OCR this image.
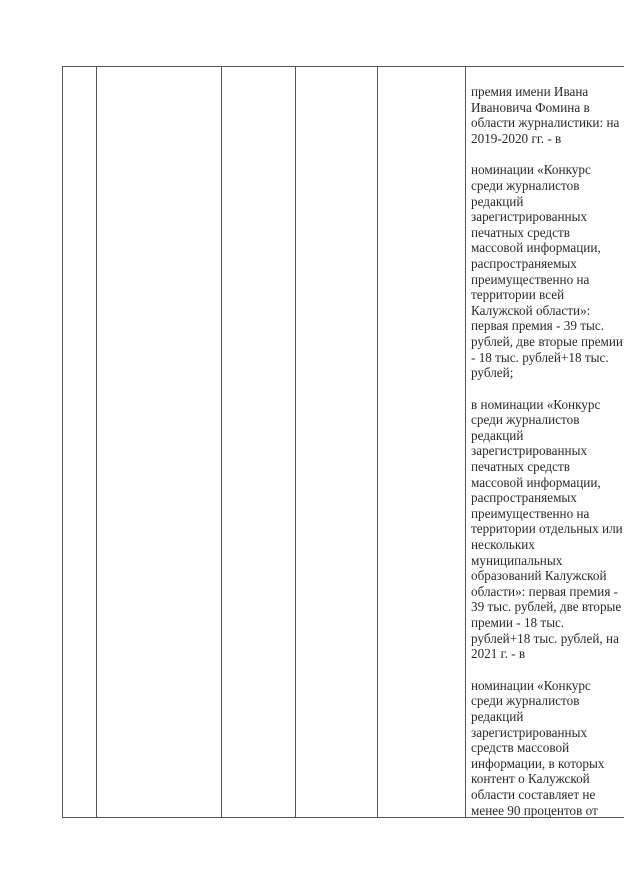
премия имени Ивана Ивановича Фомина в области журналистики: на 2019-2020 гг. - в

номинации «Конкурс среди журналистов редакций зарегистрированных печатных средств массовой информации, распространяемых преимущественно на территории всей Калужской области»: первая премия - 39 тыс. рублей, две вторые премии - 18 тыс. рублей+18 тыс. рублей;

в номинации «Конкурс среди журналистов редакций зарегистрированных печатных средств массовой информации, распространяемых преимущественно на территории отдельных или нескольких муниципальных образований Калужской области»: первая премия - 39 тыс. рублей, две вторые премии - 18 тыс. рублей+18 тыс. рублей, на 2021 г. - в

номинации «Конкурс среди журналистов редакций зарегистрированных средств массовой информации, в которых контент о Калужской области составляет не менее 90 процентов от
